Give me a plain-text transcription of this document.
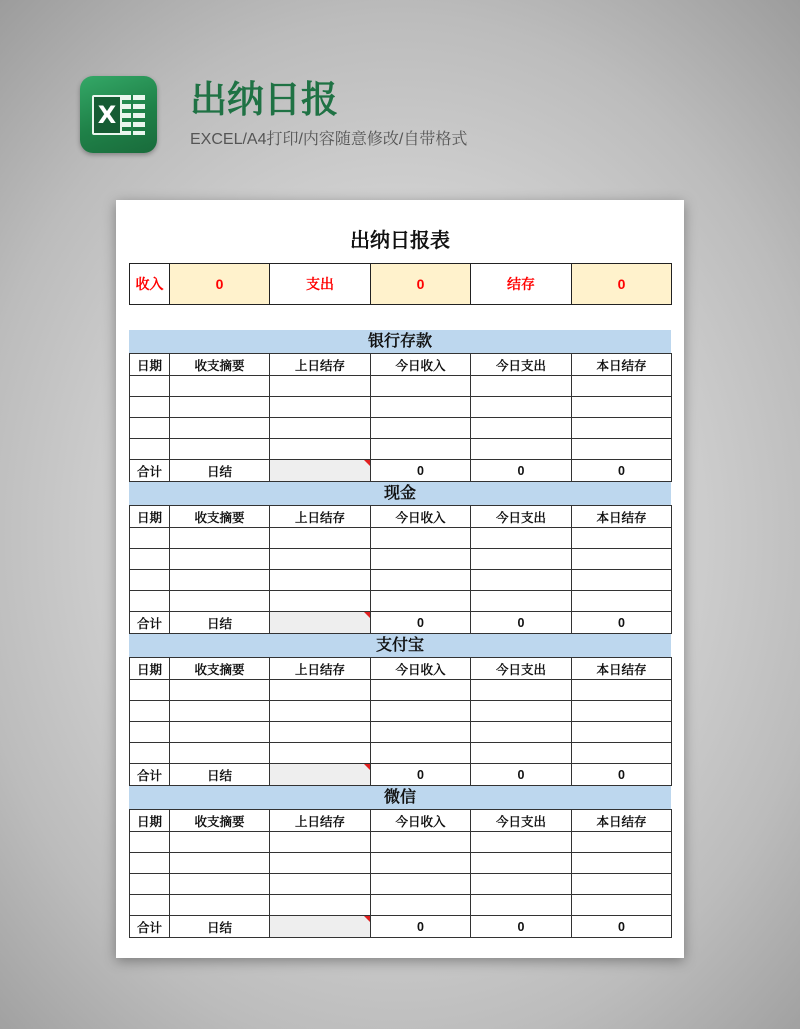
X 出纳日报
EXCEL/A4打印/内容随意修改/自带格式
出纳日报表
收入	0	支出	0	结存	0
银行存款
日期	收支摘要	上日结存	今日收入	今日支出	本日结存

合计	日结		0	0	0
现金
日期	收支摘要	上日结存	今日收入	今日支出	本日结存

合计	日结		0	0	0
支付宝
日期	收支摘要	上日结存	今日收入	今日支出	本日结存

合计	日结		0	0	0
微信
日期	收支摘要	上日结存	今日收入	今日支出	本日结存

合计	日结		0	0	0
